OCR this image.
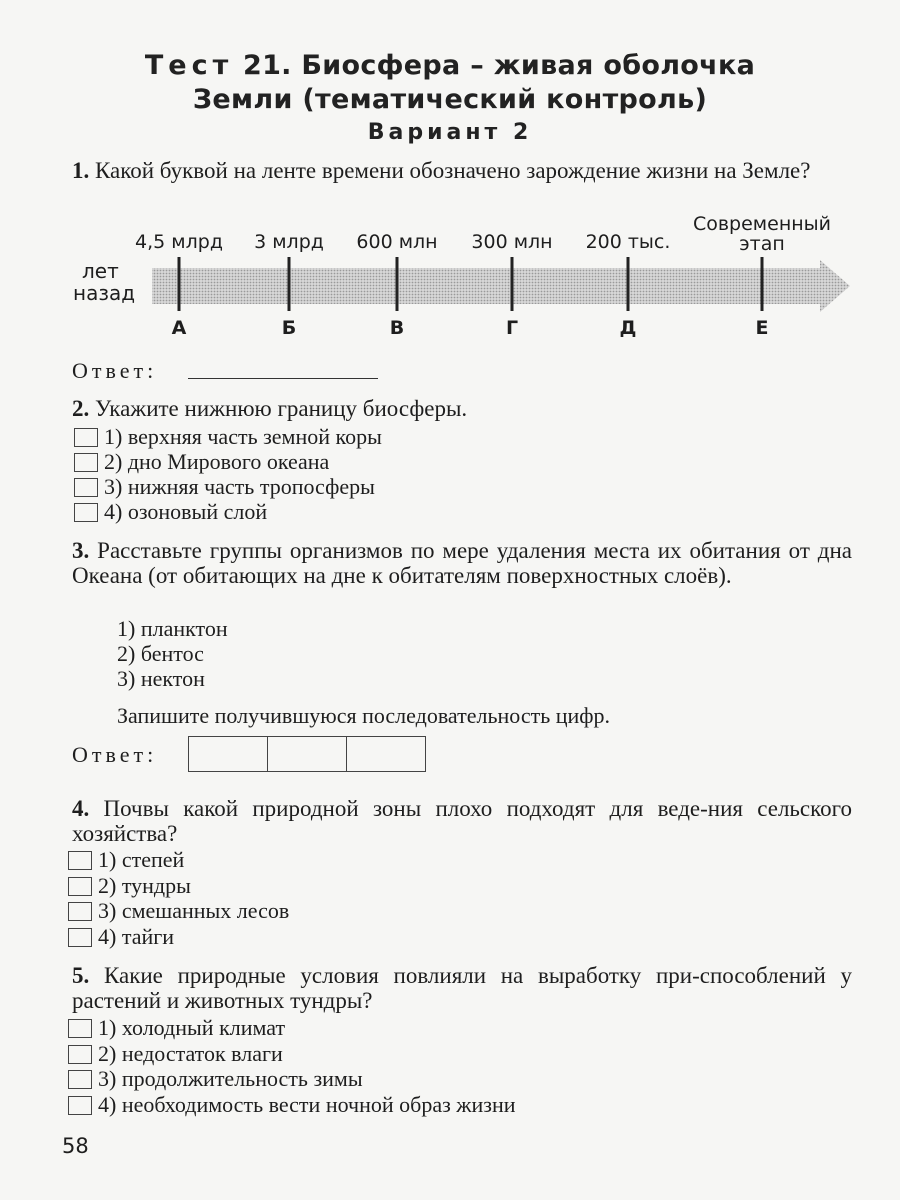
Тест 21. Биосфера – живая оболочка
Земли (тематический контроль)
Вариант 2
1. Какой буквой на ленте времени обозначено зарождение жизни на Земле?
лет
назад
4,5 млрд
А
3 млрд
Б
600 млн
В
300 млн
Г
200 тыс.
Д
Современный
этап
Е
Ответ:
2. Укажите нижнюю границу биосферы.
1) верхняя часть земной коры
2) дно Мирового океана
3) нижняя часть тропосферы
4) озоновый слой
3. Расставьте группы организмов по мере удаления места их обитания от дна Океана (от обитающих на дне к обитателям поверхностных слоёв).
1) планктон
2) бентос
3) нектон
Запишите получившуюся последовательность цифр.
Ответ:
4. Почвы какой природной зоны плохо подходят для веде-ния сельского хозяйства?
1) степей
2) тундры
3) смешанных лесов
4) тайги
5. Какие природные условия повлияли на выработку при-способлений у растений и животных тундры?
1) холодный климат
2) недостаток влаги
3) продолжительность зимы
4) необходимость вести ночной образ жизни
58
